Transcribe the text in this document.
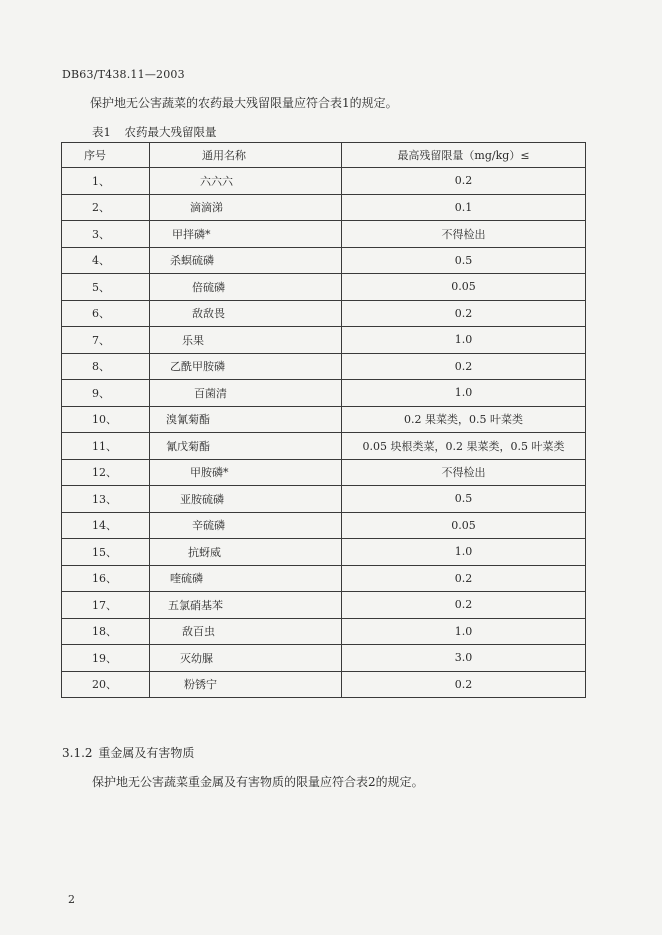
DB63/T438.11—2003
保护地无公害蔬菜的农药最大残留限量应符合表1的规定。
表1 农药最大残留限量
序号	通用名称	最高残留限量（mg/kg）≤
1、	六六六	0.2
2、	滴滴涕	0.1
3、	甲拌磷*	不得检出
4、	杀螟硫磷	0.5
5、	倍硫磷	0.05
6、	敌敌畏	0.2
7、	乐果	1.0
8、	乙酰甲胺磷	0.2
9、	百菌清	1.0
10、	溴氰菊酯	0.2 果菜类，0.5 叶菜类
11、	氰戊菊酯	0.05 块根类菜，0.2 果菜类，0.5 叶菜类
12、	甲胺磷*	不得检出
13、	亚胺硫磷	0.5
14、	辛硫磷	0.05
15、	抗蚜威	1.0
16、	喹硫磷	0.2
17、	五氯硝基苯	0.2
18、	敌百虫	1.0
19、	灭幼脲	3.0
20、	粉锈宁	0.2
3.1.2 重金属及有害物质
保护地无公害蔬菜重金属及有害物质的限量应符合表2的规定。
2
